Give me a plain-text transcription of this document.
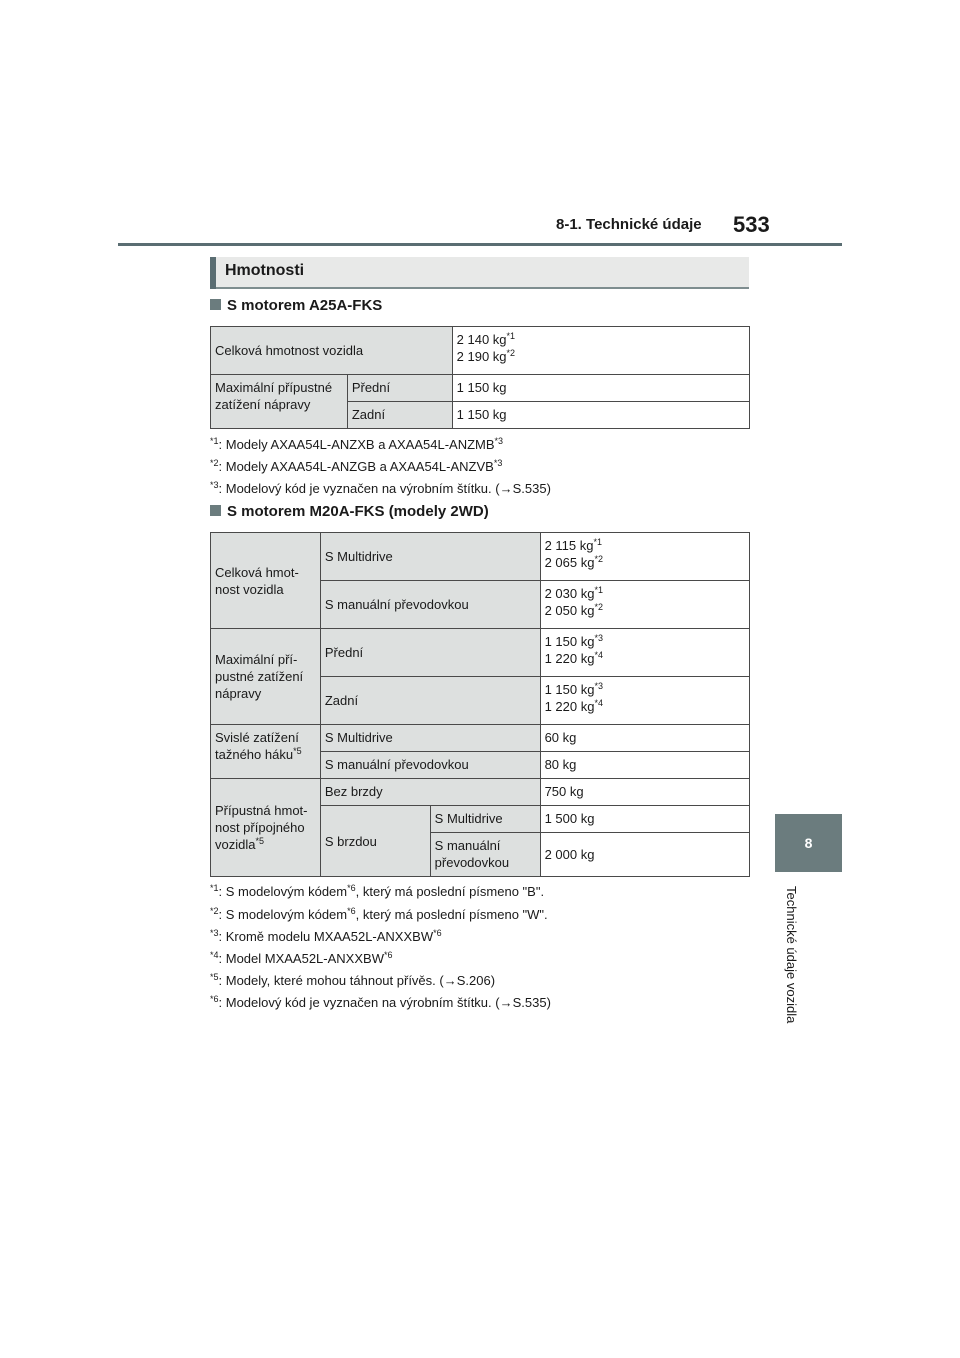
8-1. Technické údaje 533
8
Technické údaje vozidla
Hmotnosti
S motorem A25A-FKS
Celková hmotnost vozidla		2 140 $kg^{*1}$
2 190 $kg^{*2}$
Maximální přípustné zatížení nápravy	Přední	1 150 kg
	Zadní	1 150 kg
$^{*1}$: Modely AXAA54L-ANZXB a AXAA54L-ANZMB$^{*3}$
$^{*2}$: Modely AXAA54L-ANZGB a AXAA54L-ANZVB$^{*3}$
$^{*3}$: Modelový kód je vyznačen na výrobním štítku. (→S.535)
S motorem M20A-FKS (modely 2WD)
Celková hmot-nost vozidla	S Multidrive		2 115 $kg^{*1}$
2 065 $kg^{*2}$
	S manuální převodovkou		2 030 $kg^{*1}$
2 050 $kg^{*2}$
Maximální pří-pustné zatížení nápravy	Přední		1 150 $kg^{*3}$
1 220 $kg^{*4}$
	Zadní		1 150 $kg^{*3}$
1 220 $kg^{*4}$
Svislé zatížení tažného háku$^{*5}$	S Multidrive		60 kg
	S manuální převodovkou		80 kg
Přípustná hmot-nost přípojného vozidla$^{*5}$	Bez brzdy		750 kg
	S brzdou	S Multidrive	1 500 kg
		S manuální převodovkou	2 000 kg
$^{*1}$: S modelovým kódem$^{*6}$, který má poslední písmeno "B".
$^{*2}$: S modelovým kódem$^{*6}$, který má poslední písmeno "W".
$^{*3}$: Kromě modelu MXAA52L-ANXXBW$^{*6}$
$^{*4}$: Model MXAA52L-ANXXBW$^{*6}$
$^{*5}$: Modely, které mohou táhnout přívěs. (→S.206)
$^{*6}$: Modelový kód je vyznačen na výrobním štítku. (→S.535)
